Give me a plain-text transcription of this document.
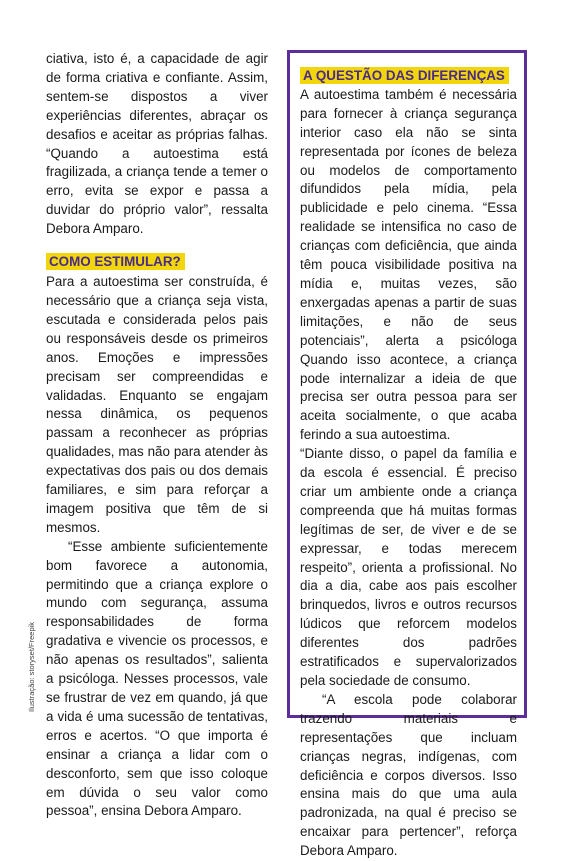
ciativa, isto é, a capacidade de agir de forma criativa e confiante. Assim, sentem-se dispostos a viver experiências diferentes, abraçar os desafios e aceitar as próprias falhas. “Quando a autoestima está fragilizada, a criança tende a temer o erro, evita se expor e passa a duvidar do próprio valor”, ressalta Debora Amparo.

COMO ESTIMULAR?

Para a autoestima ser construída, é necessário que a criança seja vista, escutada e considerada pelos pais ou responsáveis desde os primeiros anos. Emoções e impressões precisam ser compreendidas e validadas. Enquanto se engajam nessa dinâmica, os pequenos passam a reconhecer as próprias qualidades, mas não para atender às expectativas dos pais ou dos demais familiares, e sim para reforçar a imagem positiva que têm de si mesmos.

“Esse ambiente suficientemente bom favorece a autonomia, permitindo que a criança explore o mundo com segurança, assuma responsabilidades de forma gradativa e vivencie os processos, e não apenas os resultados”, salienta a psicóloga. Nesses processos, vale se frustrar de vez em quando, já que a vida é uma sucessão de tentativas, erros e acertos. “O que importa é ensinar a criança a lidar com o desconforto, sem que isso coloque em dúvida o seu valor como pessoa”, ensina Debora Amparo.

A QUESTÃO DAS DIFERENÇAS

A autoestima também é necessária para fornecer à criança segurança interior caso ela não se sinta representada por ícones de beleza ou modelos de comportamento difundidos pela mídia, pela publicidade e pelo cinema. “Essa realidade se intensifica no caso de crianças com deficiência, que ainda têm pouca visibilidade positiva na mídia e, muitas vezes, são enxergadas apenas a partir de suas limitações, e não de seus potenciais”, alerta a psicóloga Quando isso acontece, a criança pode internalizar a ideia de que precisa ser outra pessoa para ser aceita socialmente, o que acaba ferindo a sua autoestima.

“Diante disso, o papel da família e da escola é essencial. É preciso criar um ambiente onde a criança compreenda que há muitas formas legítimas de ser, de viver e de se expressar, e todas merecem respeito”, orienta a profissional. No dia a dia, cabe aos pais escolher brinquedos, livros e outros recursos lúdicos que reforcem modelos diferentes dos padrões estratificados e supervalorizados pela sociedade de consumo.

“A escola pode colaborar trazendo materiais e representações que incluam crianças negras, indígenas, com deficiência e corpos diversos. Isso ensina mais do que uma aula padronizada, na qual é preciso se encaixar para pertencer”, reforça Debora Amparo.

Ilustração: storyset/Freepik
